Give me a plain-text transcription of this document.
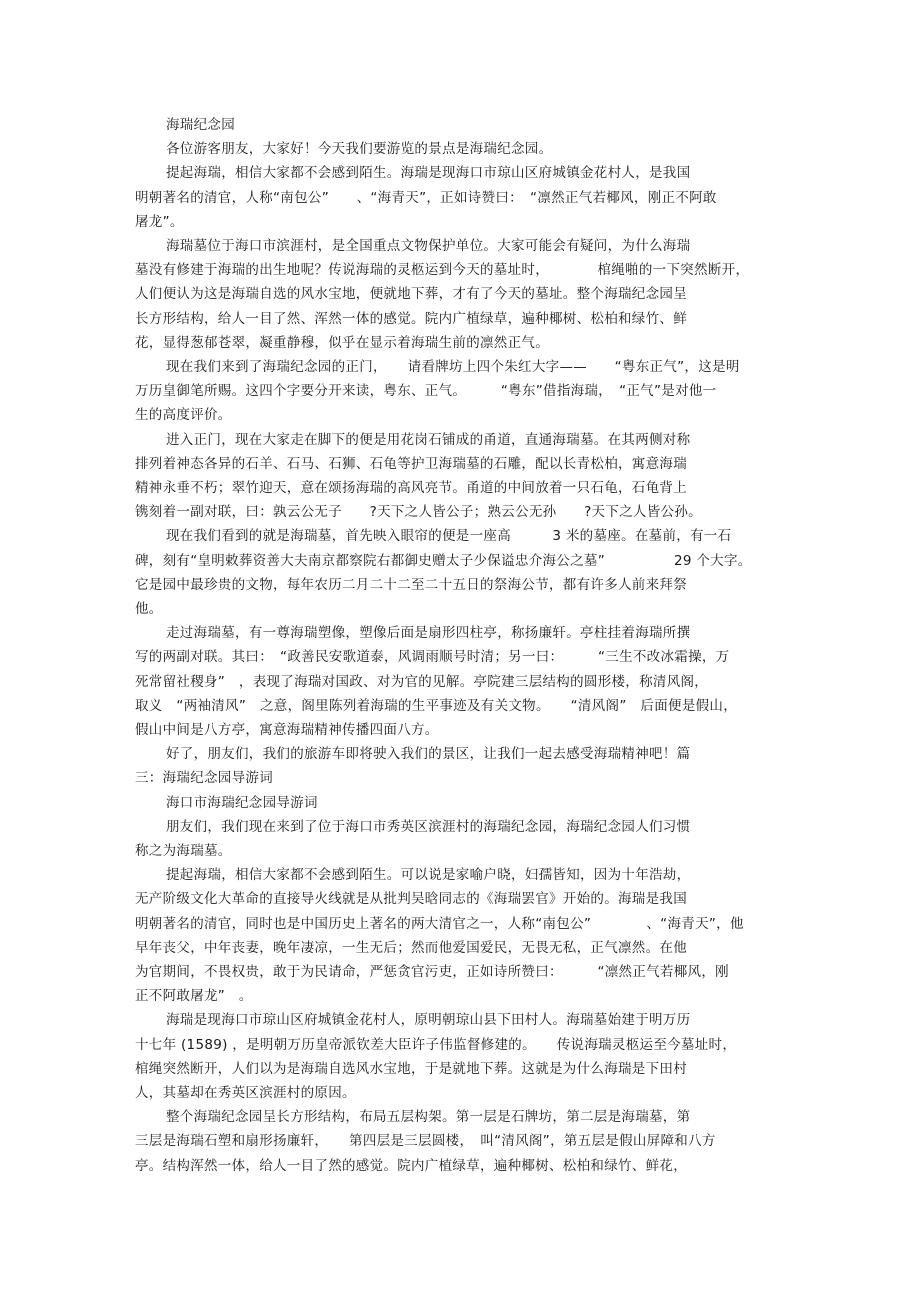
海瑞纪念园
各位游客朋友，大家好！今天我们要游览的景点是海瑞纪念园。
提起海瑞，相信大家都不会感到陌生。海瑞是现海口市琼山区府城镇金花村人，是我国
明朝著名的清官，人称“南包公”　　、“海青天”，正如诗赞曰：　“凛然正气若椰风，刚正不阿敢
屠龙”。
海瑞墓位于海口市滨涯村，是全国重点文物保护单位。大家可能会有疑问，为什么海瑞
墓没有修建于海瑞的出生地呢？传说海瑞的灵柩运到今天的墓址时，　　　　棺绳啪的一下突然断开，
人们便认为这是海瑞自选的风水宝地，便就地下葬，才有了今天的墓址。整个海瑞纪念园呈
长方形结构，给人一目了然、浑然一体的感觉。院内广植绿草，遍种椰树、松柏和绿竹、鲜
花，显得葱郁苍翠，凝重静穆，似乎在显示着海瑞生前的凛然正气。
现在我们来到了海瑞纪念园的正门，　　请看牌坊上四个朱红大字——　　“粤东正气”，这是明
万历皇御笔所赐。这四个字要分开来读，粤东、正气。　　　“粤东”借指海瑞，　“正气”是对他一
生的高度评价。
进入正门，现在大家走在脚下的便是用花岗石铺成的甬道，直通海瑞墓。在其两侧对称
排列着神态各异的石羊、石马、石狮、石龟等护卫海瑞墓的石雕，配以长青松柏，寓意海瑞
精神永垂不朽；翠竹迎天，意在颂扬海瑞的高风亮节。甬道的中间放着一只石龟，石龟背上
镌刻着一副对联，曰：孰云公无子　　?天下之人皆公子；熟云公无孙　　?天下之人皆公孙。
现在我们看到的就是海瑞墓，首先映入眼帘的便是一座高　　　3 米的墓座。在墓前，有一石
碑，刻有“皇明敕葬资善大夫南京都察院右都御史赠太子少保谥忠介海公之墓”　　　　　29 个大字。
它是园中最珍贵的文物，每年农历二月二十二至二十五日的祭海公节，都有许多人前来拜祭
他。
走过海瑞墓，有一尊海瑞塑像，塑像后面是扇形四柱亭，称扬廉轩。亭柱挂着海瑞所撰
写的两副对联。其曰：　“政善民安歌道泰，风调雨顺号时清；另一曰：　　　“三生不改冰霜操，万
死常留社稷身”　，表现了海瑞对国政、对为官的见解。亭院建三层结构的圆形楼，称清风阁，
取义　“两袖清风”　之意，阁里陈列着海瑞的生平事迹及有关文物。　　“清风阁”　后面便是假山，
假山中间是八方亭，寓意海瑞精神传播四面八方。
好了，朋友们，我们的旅游车即将驶入我们的景区，让我们一起去感受海瑞精神吧！篇
三：海瑞纪念园导游词
海口市海瑞纪念园导游词
朋友们，我们现在来到了位于海口市秀英区滨涯村的海瑞纪念园，海瑞纪念园人们习惯
称之为海瑞墓。
提起海瑞，相信大家都不会感到陌生。可以说是家喻户晓，妇孺皆知，因为十年浩劫，
无产阶级文化大革命的直接导火线就是从批判吴晗同志的《海瑞罢官》开始的。海瑞是我国
明朝著名的清官，同时也是中国历史上著名的两大清官之一，人称“南包公”　　　　、“海青天”，他
早年丧父，中年丧妻，晚年凄凉，一生无后；然而他爱国爱民，无畏无私，正气凛然。在他
为官期间，不畏权贵，敢于为民请命，严惩贪官污吏，正如诗所赞曰：　　　“凛然正气若椰风，刚
正不阿敢屠龙”　。
海瑞是现海口市琼山区府城镇金花村人，原明朝琼山县下田村人。海瑞墓始建于明万历
十七年 (1589) ，是明朝万历皇帝派钦差大臣许子伟监督修建的。　　传说海瑞灵柩运至今墓址时，
棺绳突然断开，人们以为是海瑞自选风水宝地，于是就地下葬。这就是为什么海瑞是下田村
人，其墓却在秀英区滨涯村的原因。
整个海瑞纪念园呈长方形结构，布局五层构架。第一层是石牌坊，第二层是海瑞墓，第
三层是海瑞石塑和扇形扬廉轩，　　第四层是三层圆楼，　叫“清风阁”，第五层是假山屏障和八方
亭。结构浑然一体，给人一目了然的感觉。院内广植绿草，遍种椰树、松柏和绿竹、鲜花，
